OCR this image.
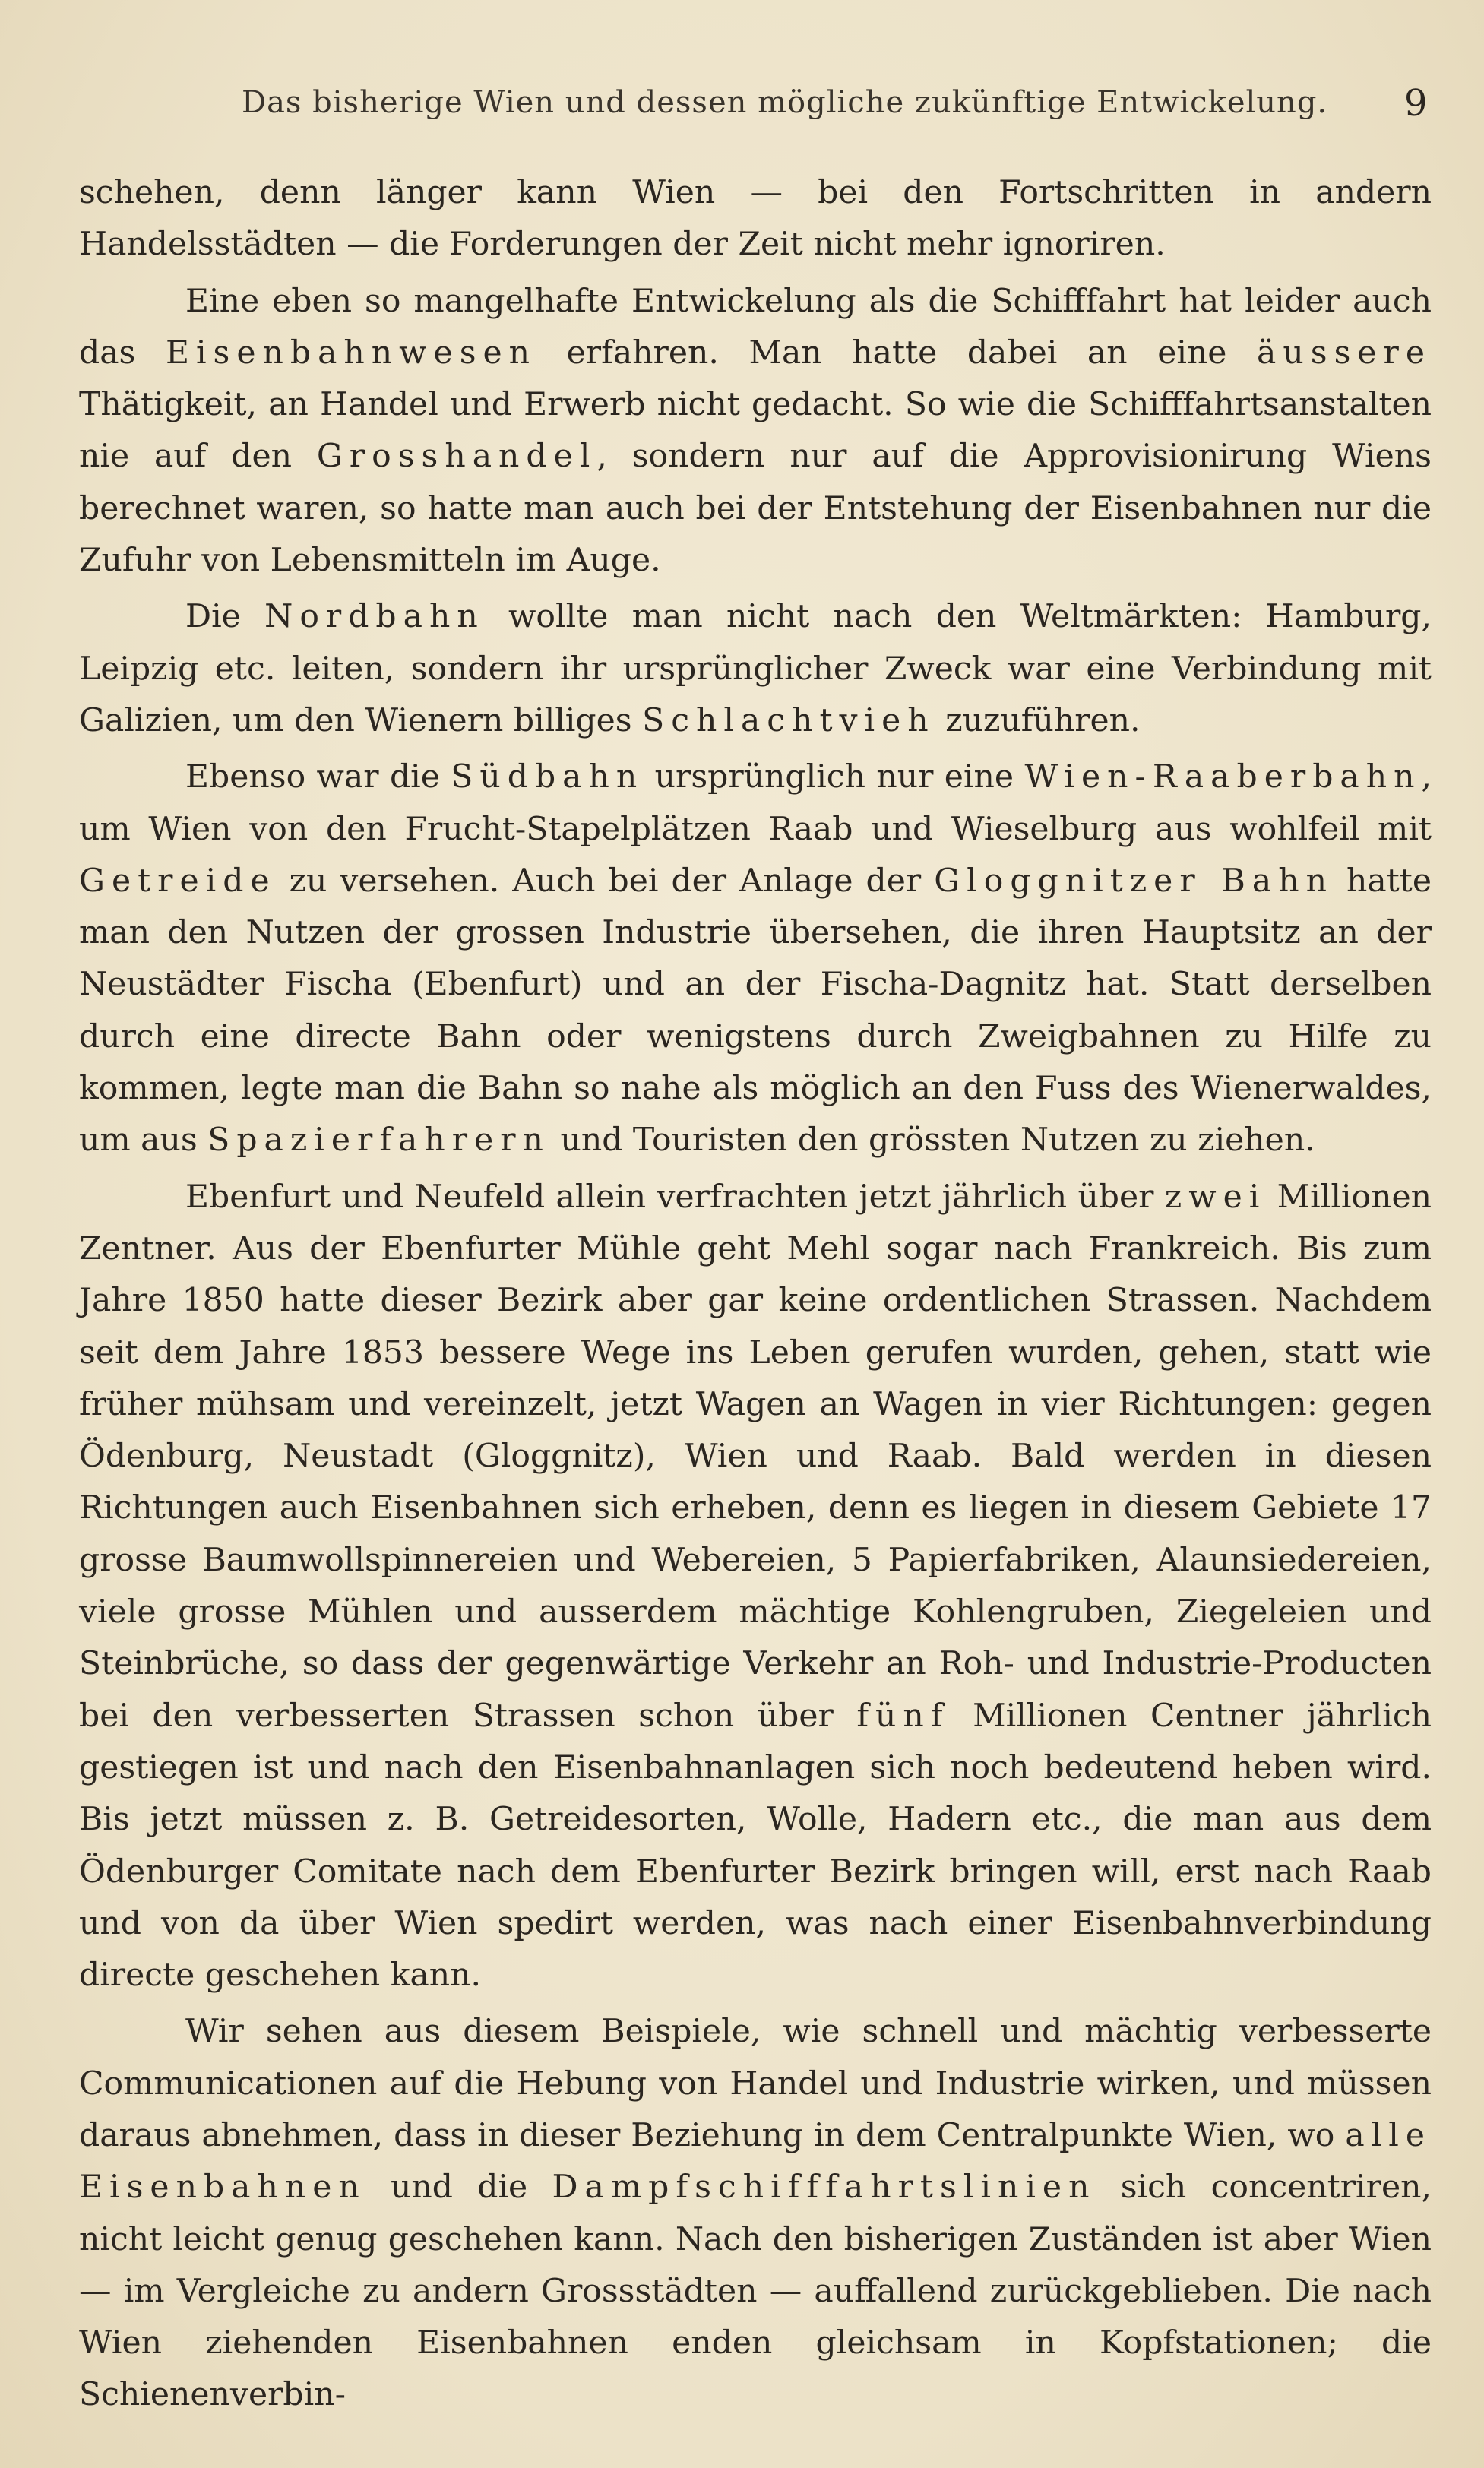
Das bisherige Wien und dessen mögliche zukünftige Entwickelung. 9

schehen, denn länger kann Wien — bei den Fortschritten in andern Handelsstädten — die Forderungen der Zeit nicht mehr ignoriren.

Eine eben so mangelhafte Entwickelung als die Schifffahrt hat leider auch das Eisenbahnwesen erfahren. Man hatte dabei an eine äussere Thätigkeit, an Handel und Erwerb nicht gedacht. So wie die Schifffahrtsanstalten nie auf den Grosshandel, sondern nur auf die Approvisionirung Wiens berechnet waren, so hatte man auch bei der Entstehung der Eisenbahnen nur die Zufuhr von Lebensmitteln im Auge.

Die Nordbahn wollte man nicht nach den Weltmärkten: Hamburg, Leipzig etc. leiten, sondern ihr ursprünglicher Zweck war eine Verbindung mit Galizien, um den Wienern billiges Schlachtvieh zuzuführen.

Ebenso war die Südbahn ursprünglich nur eine Wien-Raaberbahn, um Wien von den Frucht-Stapelplätzen Raab und Wieselburg aus wohlfeil mit Getreide zu versehen. Auch bei der Anlage der Gloggnitzer Bahn hatte man den Nutzen der grossen Industrie übersehen, die ihren Hauptsitz an der Neustädter Fischa (Ebenfurt) und an der Fischa-Dagnitz hat. Statt derselben durch eine directe Bahn oder wenigstens durch Zweigbahnen zu Hilfe zu kommen, legte man die Bahn so nahe als möglich an den Fuss des Wienerwaldes, um aus Spazierfahrern und Touristen den grössten Nutzen zu ziehen.

Ebenfurt und Neufeld allein verfrachten jetzt jährlich über zwei Millionen Zentner. Aus der Ebenfurter Mühle geht Mehl sogar nach Frankreich. Bis zum Jahre 1850 hatte dieser Bezirk aber gar keine ordentlichen Strassen. Nachdem seit dem Jahre 1853 bessere Wege ins Leben gerufen wurden, gehen, statt wie früher mühsam und vereinzelt, jetzt Wagen an Wagen in vier Richtungen: gegen Ödenburg, Neustadt (Gloggnitz), Wien und Raab. Bald werden in diesen Richtungen auch Eisenbahnen sich erheben, denn es liegen in diesem Gebiete 17 grosse Baumwollspinnereien und Webereien, 5 Papierfabriken, Alaunsiedereien, viele grosse Mühlen und ausserdem mächtige Kohlengruben, Ziegeleien und Steinbrüche, so dass der gegenwärtige Verkehr an Roh- und Industrie-Producten bei den verbesserten Strassen schon über fünf Millionen Centner jährlich gestiegen ist und nach den Eisenbahnanlagen sich noch bedeutend heben wird. Bis jetzt müssen z. B. Getreidesorten, Wolle, Hadern etc., die man aus dem Ödenburger Comitate nach dem Ebenfurter Bezirk bringen will, erst nach Raab und von da über Wien spedirt werden, was nach einer Eisenbahnverbindung directe geschehen kann.

Wir sehen aus diesem Beispiele, wie schnell und mächtig verbesserte Communicationen auf die Hebung von Handel und Industrie wirken, und müssen daraus abnehmen, dass in dieser Beziehung in dem Centralpunkte Wien, wo alle Eisenbahnen und die Dampfschifffahrtslinien sich concentriren, nicht leicht genug geschehen kann. Nach den bisherigen Zuständen ist aber Wien — im Vergleiche zu andern Grossstädten — auffallend zurückgeblieben. Die nach Wien ziehenden Eisenbahnen enden gleichsam in Kopfstationen; die Schienenverbin-
